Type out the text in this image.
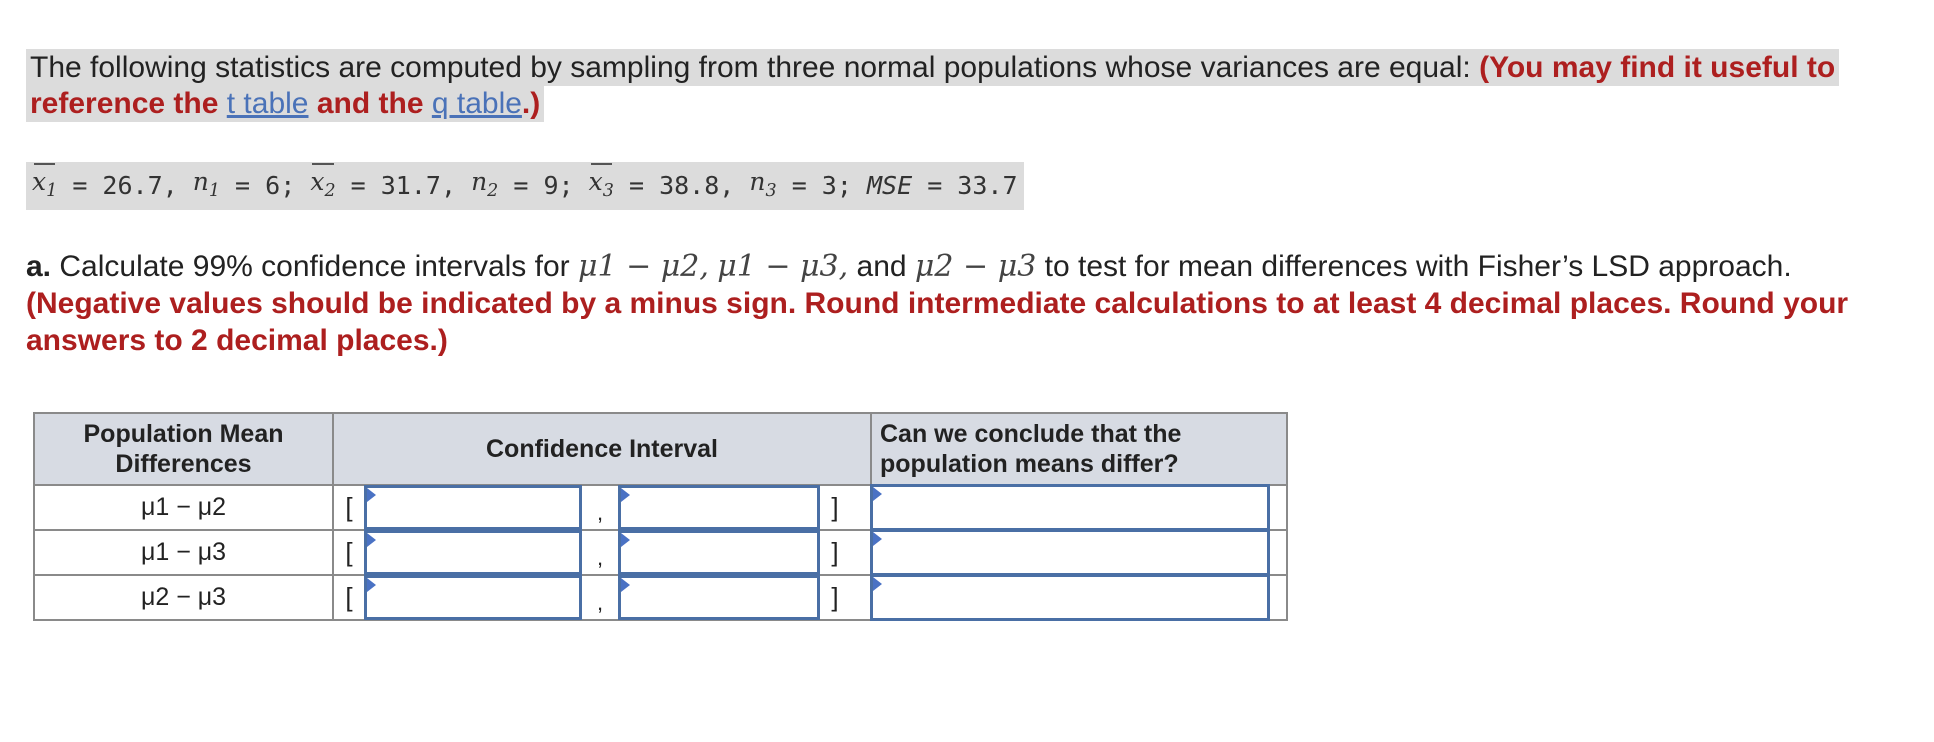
The following statistics are computed by sampling from three normal populations whose variances are equal: (You may find it useful to reference the t table and the q table.)
$x_1$
= 26.7,
$n_1$
= 6;
$x_2$
= 31.7,
$n_2$
= 9;
$x_3$
= 38.8,
$n_3$
= 3;
MSE
= 33.7
a. Calculate 99% confidence intervals for μ1 − μ2, μ1 − μ3, and μ2 − μ3 to test for mean differences with Fisher’s LSD approach.
(Negative values should be indicated by a minus sign. Round intermediate calculations to at least 4 decimal places. Round your answers to 2 decimal places.)
Population Mean Differences	Confidence Interval	Can we conclude that the population means differ?
μ1 − μ2	[ , ]	

μ1 − μ3	[ , ]	

μ2 − μ3	[ , ]	
